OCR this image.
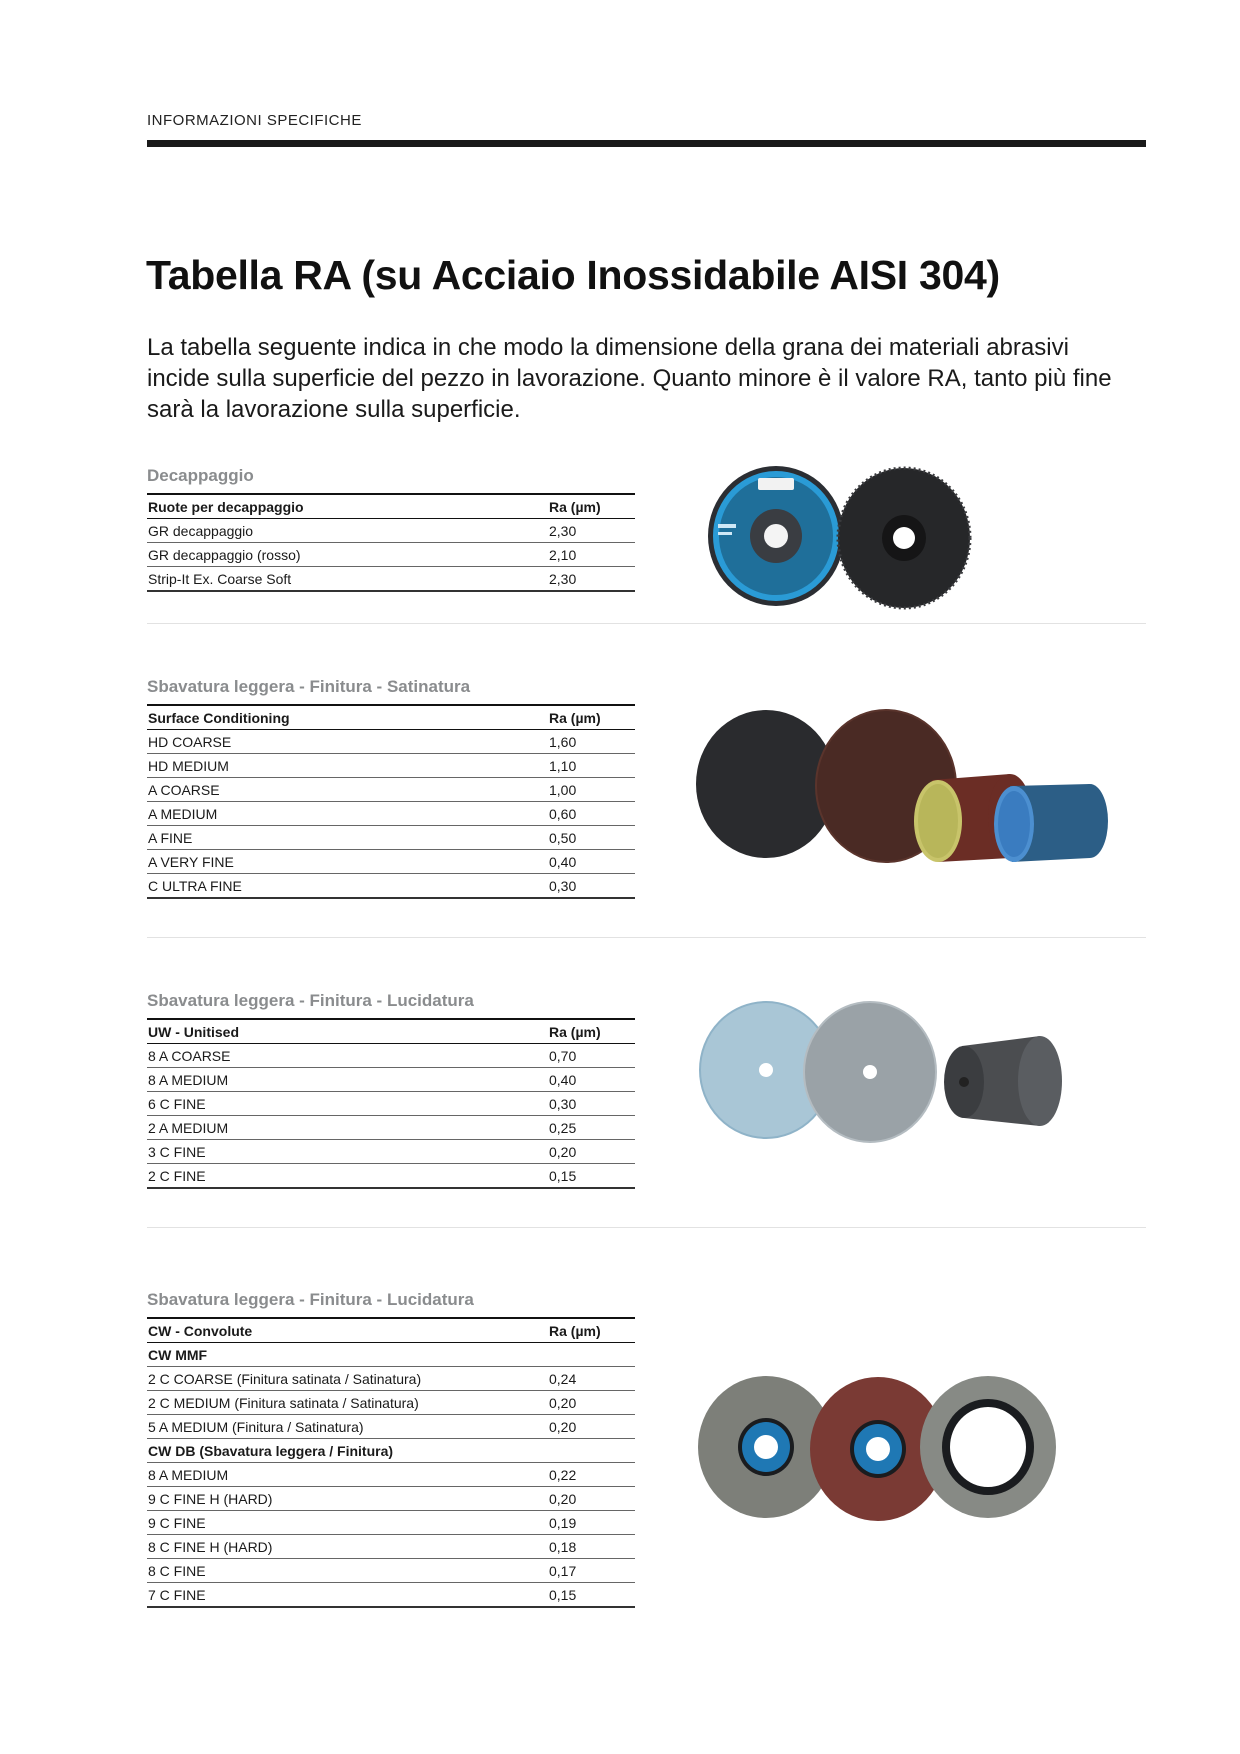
INFORMAZIONI SPECIFICHE
Tabella RA (su Acciaio Inossidabile AISI 304)

La tabella seguente indica in che modo la dimensione della grana dei materiali abrasivi incide sulla superficie del pezzo in lavorazione. Quanto minore è il valore RA, tanto più fine sarà la lavorazione sulla superficie.

Decappaggio
Ruote per decappaggio	Ra (µm)
GR decappaggio	2,30
GR decappaggio (rosso)	2,10
Strip-It Ex. Coarse Soft	2,30
Sbavatura leggera - Finitura - Satinatura
Surface Conditioning	Ra (µm)
HD COARSE	1,60
HD MEDIUM	1,10
A COARSE	1,00
A MEDIUM	0,60
A FINE	0,50
A VERY FINE	0,40
C ULTRA FINE	0,30
Sbavatura leggera - Finitura - Lucidatura
UW - Unitised	Ra (µm)
8 A COARSE	0,70
8 A MEDIUM	0,40
6 C FINE	0,30
2 A MEDIUM	0,25
3 C FINE	0,20
2 C FINE	0,15
Sbavatura leggera - Finitura - Lucidatura
CW - Convolute	Ra (µm)
CW MMF
2 C COARSE (Finitura satinata / Satinatura)	0,24
2 C MEDIUM (Finitura satinata / Satinatura)	0,20
5 A MEDIUM (Finitura / Satinatura)	0,20
CW DB (Sbavatura leggera / Finitura)
8 A MEDIUM	0,22
9 C FINE H (HARD)	0,20
9 C FINE	0,19
8 C FINE H (HARD)	0,18
8 C FINE	0,17
7 C FINE	0,15
